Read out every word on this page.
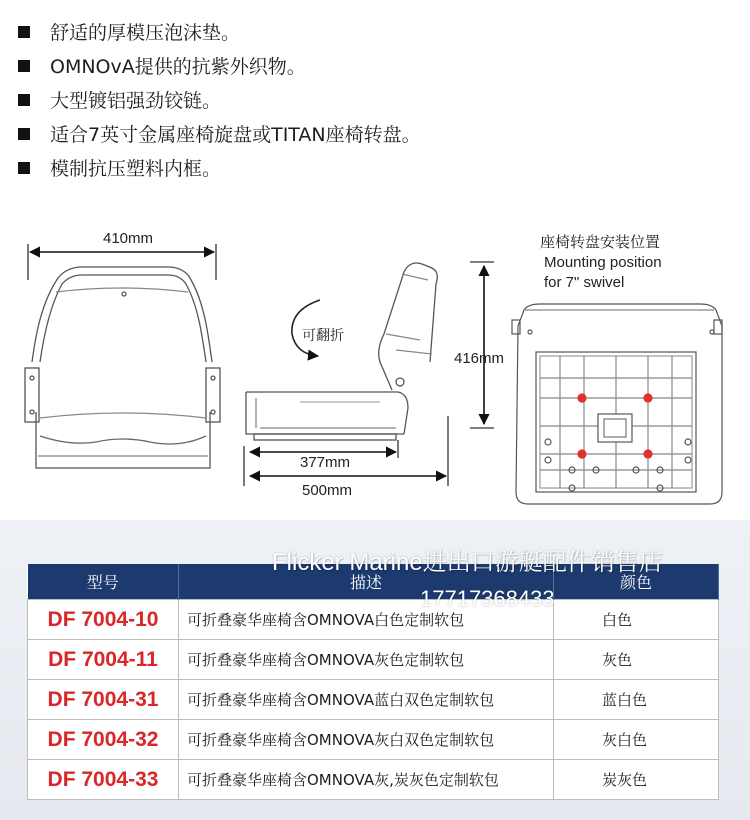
舒适的厚模压泡沫垫。
OMNOvA提供的抗紫外织物。
大型镀铝强劲铰链。
适合7英寸金属座椅旋盘或TITAN座椅转盘。
模制抗压塑料内框。
410mm
可翻折
416mm
377mm
500mm
座椅转盘安装位置
Mounting position
for 7" swivel
型号	描述	颜色
DF 7004-10	可折叠豪华座椅含OMNOVA白色定制软包	白色
DF 7004-11	可折叠豪华座椅含OMNOVA灰色定制软包	灰色
DF 7004-31	可折叠豪华座椅含OMNOVA蓝白双色定制软包	蓝白色
DF 7004-32	可折叠豪华座椅含OMNOVA灰白双色定制软包	灰白色
DF 7004-33	可折叠豪华座椅含OMNOVA灰,炭灰色定制软包	炭灰色
Flicker Marine进出口游艇配件销售店
17717368433
